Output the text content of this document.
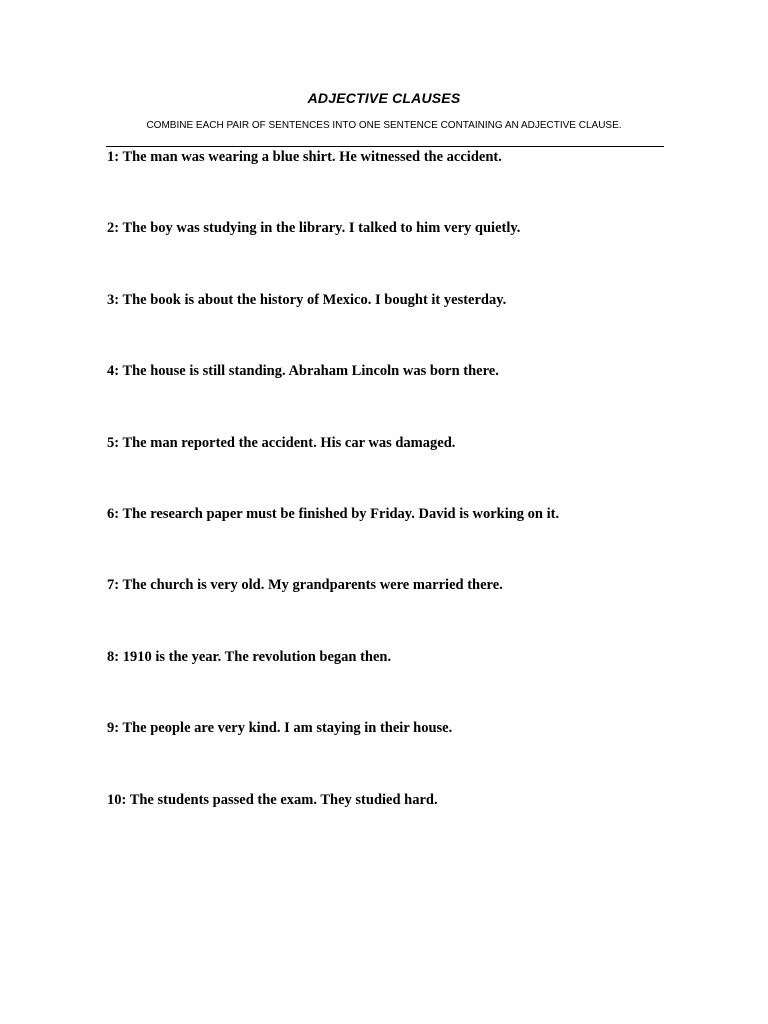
ADJECTIVE CLAUSES
COMBINE EACH PAIR OF SENTENCES INTO ONE SENTENCE CONTAINING AN ADJECTIVE CLAUSE.
1: The man was wearing a blue shirt. He witnessed the accident.
2: The boy was studying in the library. I talked to him very quietly.
3: The book is about the history of Mexico. I bought it yesterday.
4: The house is still standing. Abraham Lincoln was born there.
5: The man reported the accident. His car was damaged.
6: The research paper must be finished by Friday. David is working on it.
7: The church is very old. My grandparents were married there.
8: 1910 is the year. The revolution began then.
9: The people are very kind. I am staying in their house.
10: The students passed the exam. They studied hard.
